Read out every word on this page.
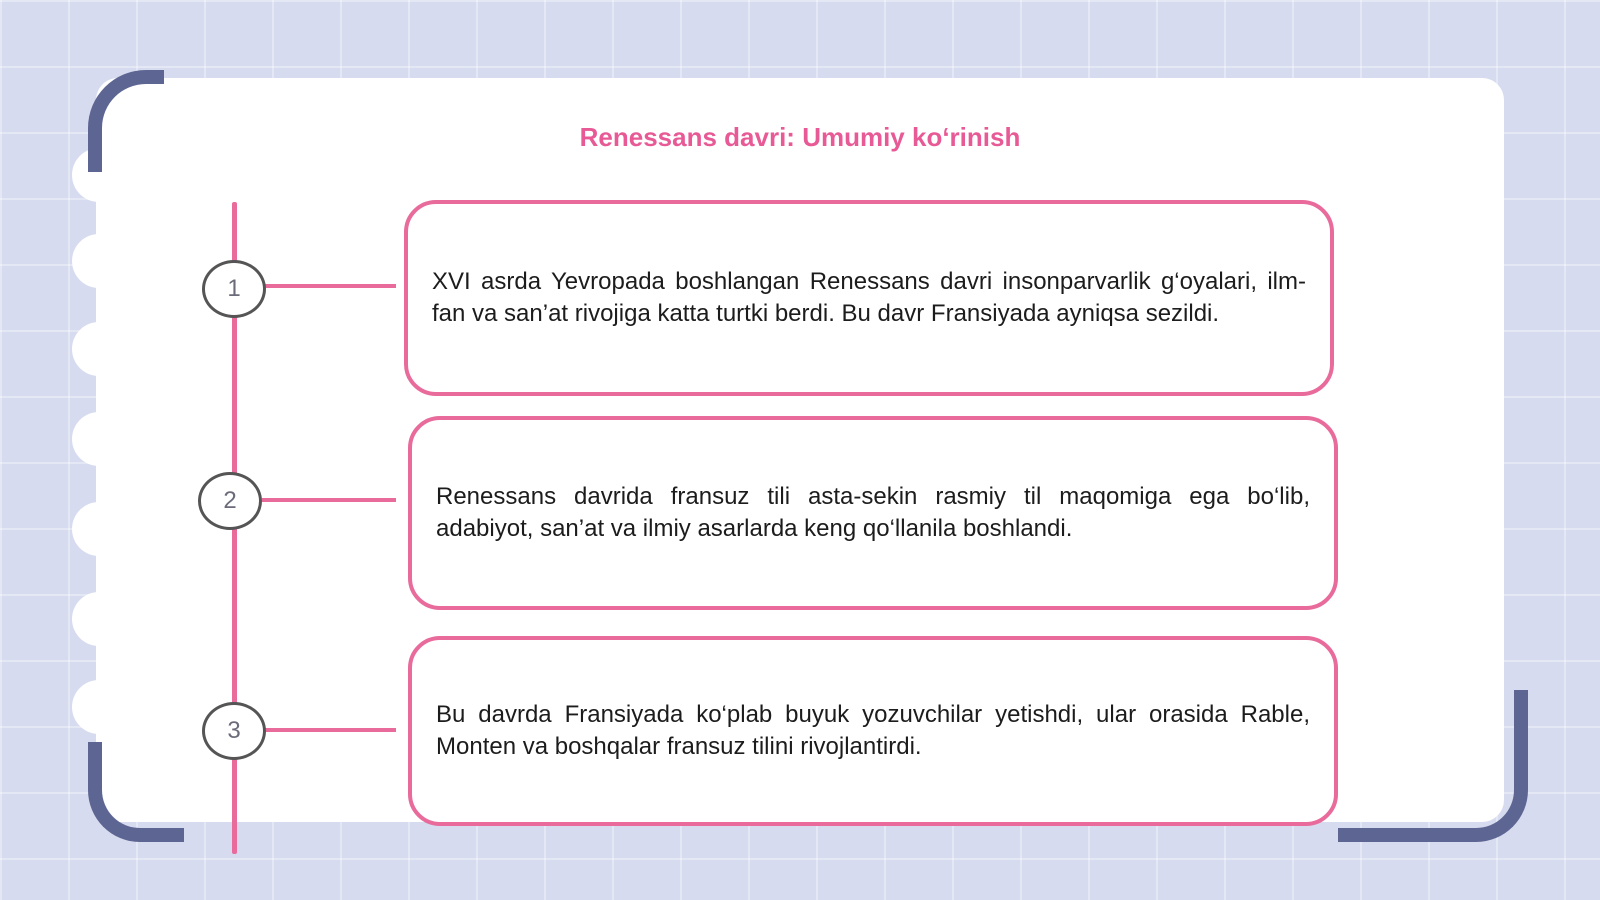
Renessans davri: Umumiy ko‘rinish
1	XVI asrda Yevropada boshlangan Renessans davri insonparvarlik g‘oyalari, ilm-fan va san’at rivojiga katta turtki berdi. Bu davr Fransiyada ayniqsa sezildi.

2	Renessans davrida fransuz tili asta-sekin rasmiy til maqomiga ega bo‘lib, adabiyot, san’at va ilmiy asarlarda keng qo‘llanila boshlandi.

3

Bu davrda Fransiyada ko‘plab buyuk yozuvchilar yetishdi, ular orasida Rable, Monten va boshqalar fransuz tilini rivojlantirdi.
